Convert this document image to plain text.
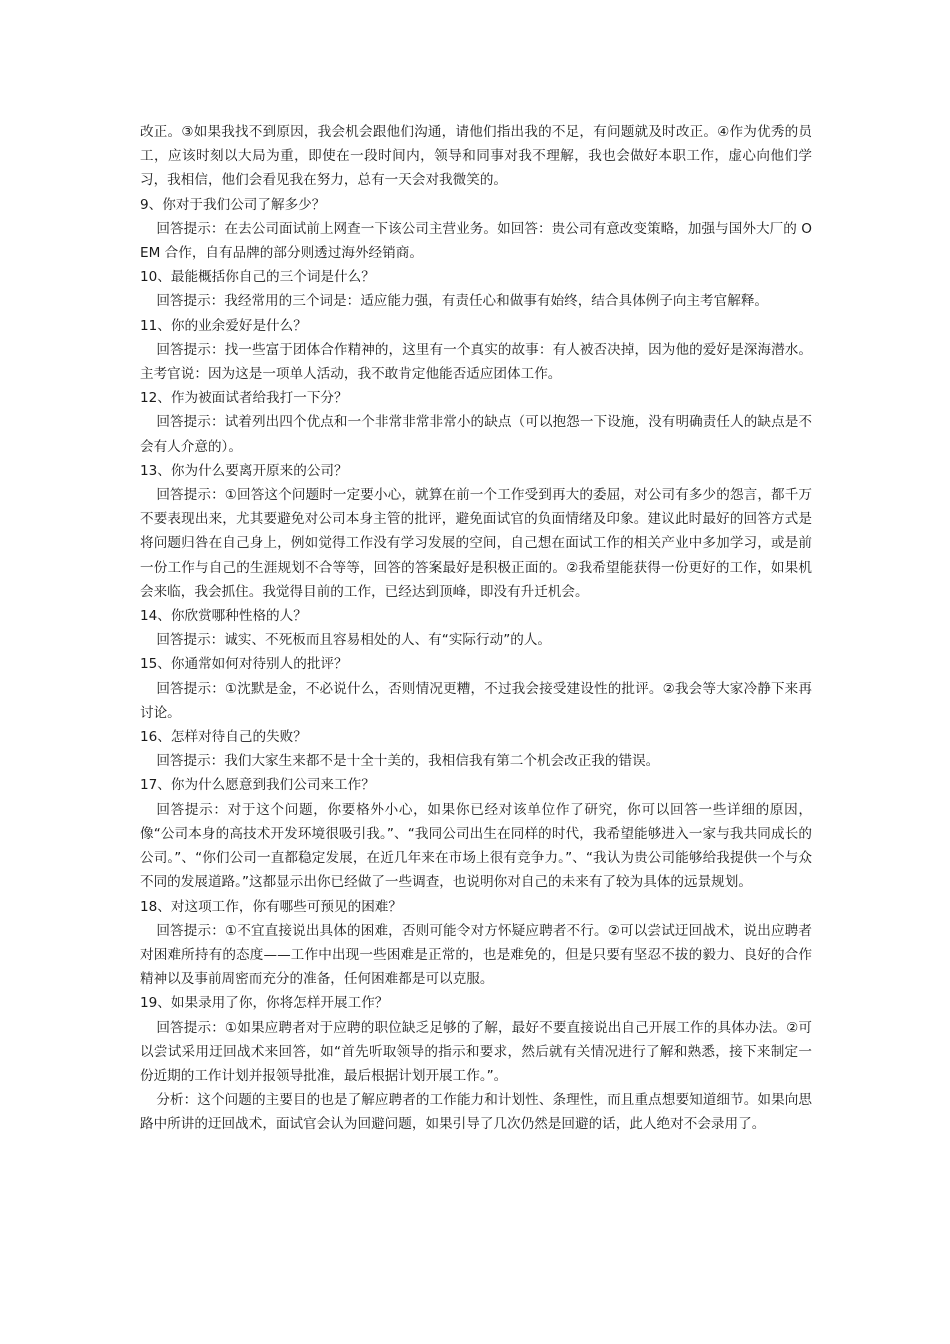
改正。③如果我找不到原因，我会机会跟他们沟通，请他们指出我的不足，有问题就及时改正。④作为优秀的员工，应该时刻以大局为重，即使在一段时间内，领导和同事对我不理解，我也会做好本职工作，虚心向他们学习，我相信，他们会看见我在努力，总有一天会对我微笑的。

9、你对于我们公司了解多少？

回答提示：在去公司面试前上网查一下该公司主营业务。如回答：贵公司有意改变策略，加强与国外大厂的 OEM 合作，自有品牌的部分则透过海外经销商。

10、最能概括你自己的三个词是什么？

回答提示：我经常用的三个词是：适应能力强，有责任心和做事有始终，结合具体例子向主考官解释。

11、你的业余爱好是什么？

回答提示：找一些富于团体合作精神的，这里有一个真实的故事：有人被否决掉，因为他的爱好是深海潜水。主考官说：因为这是一项单人活动，我不敢肯定他能否适应团体工作。

12、作为被面试者给我打一下分？

回答提示：试着列出四个优点和一个非常非常非常小的缺点（可以抱怨一下设施，没有明确责任人的缺点是不会有人介意的）。

13、你为什么要离开原来的公司？

回答提示：①回答这个问题时一定要小心，就算在前一个工作受到再大的委屈，对公司有多少的怨言，都千万不要表现出来，尤其要避免对公司本身主管的批评，避免面试官的负面情绪及印象。建议此时最好的回答方式是将问题归咎在自己身上，例如觉得工作没有学习发展的空间，自己想在面试工作的相关产业中多加学习，或是前一份工作与自己的生涯规划不合等等，回答的答案最好是积极正面的。②我希望能获得一份更好的工作，如果机会来临，我会抓住。我觉得目前的工作，已经达到顶峰，即没有升迁机会。

14、你欣赏哪种性格的人？

回答提示：诚实、不死板而且容易相处的人、有“实际行动”的人。

15、你通常如何对待别人的批评？

回答提示：①沈默是金，不必说什么，否则情况更糟，不过我会接受建设性的批评。②我会等大家冷静下来再讨论。

16、怎样对待自己的失败？

回答提示：我们大家生来都不是十全十美的，我相信我有第二个机会改正我的错误。

17、你为什么愿意到我们公司来工作？

回答提示：对于这个问题，你要格外小心，如果你已经对该单位作了研究，你可以回答一些详细的原因，像“公司本身的高技术开发环境很吸引我。”、“我同公司出生在同样的时代，我希望能够进入一家与我共同成长的公司。”、“你们公司一直都稳定发展，在近几年来在市场上很有竞争力。”、“我认为贵公司能够给我提供一个与众不同的发展道路。”这都显示出你已经做了一些调查，也说明你对自己的未来有了较为具体的远景规划。

18、对这项工作，你有哪些可预见的困难？

回答提示：①不宜直接说出具体的困难，否则可能令对方怀疑应聘者不行。②可以尝试迂回战术，说出应聘者对困难所持有的态度——工作中出现一些困难是正常的，也是难免的，但是只要有坚忍不拔的毅力、良好的合作精神以及事前周密而充分的准备，任何困难都是可以克服。

19、如果录用了你，你将怎样开展工作？

回答提示：①如果应聘者对于应聘的职位缺乏足够的了解，最好不要直接说出自己开展工作的具体办法。②可以尝试采用迂回战术来回答，如“首先听取领导的指示和要求，然后就有关情况进行了解和熟悉，接下来制定一份近期的工作计划并报领导批准，最后根据计划开展工作。”。

分析：这个问题的主要目的也是了解应聘者的工作能力和计划性、条理性，而且重点想要知道细节。如果向思路中所讲的迂回战术，面试官会认为回避问题，如果引导了几次仍然是回避的话，此人绝对不会录用了。
